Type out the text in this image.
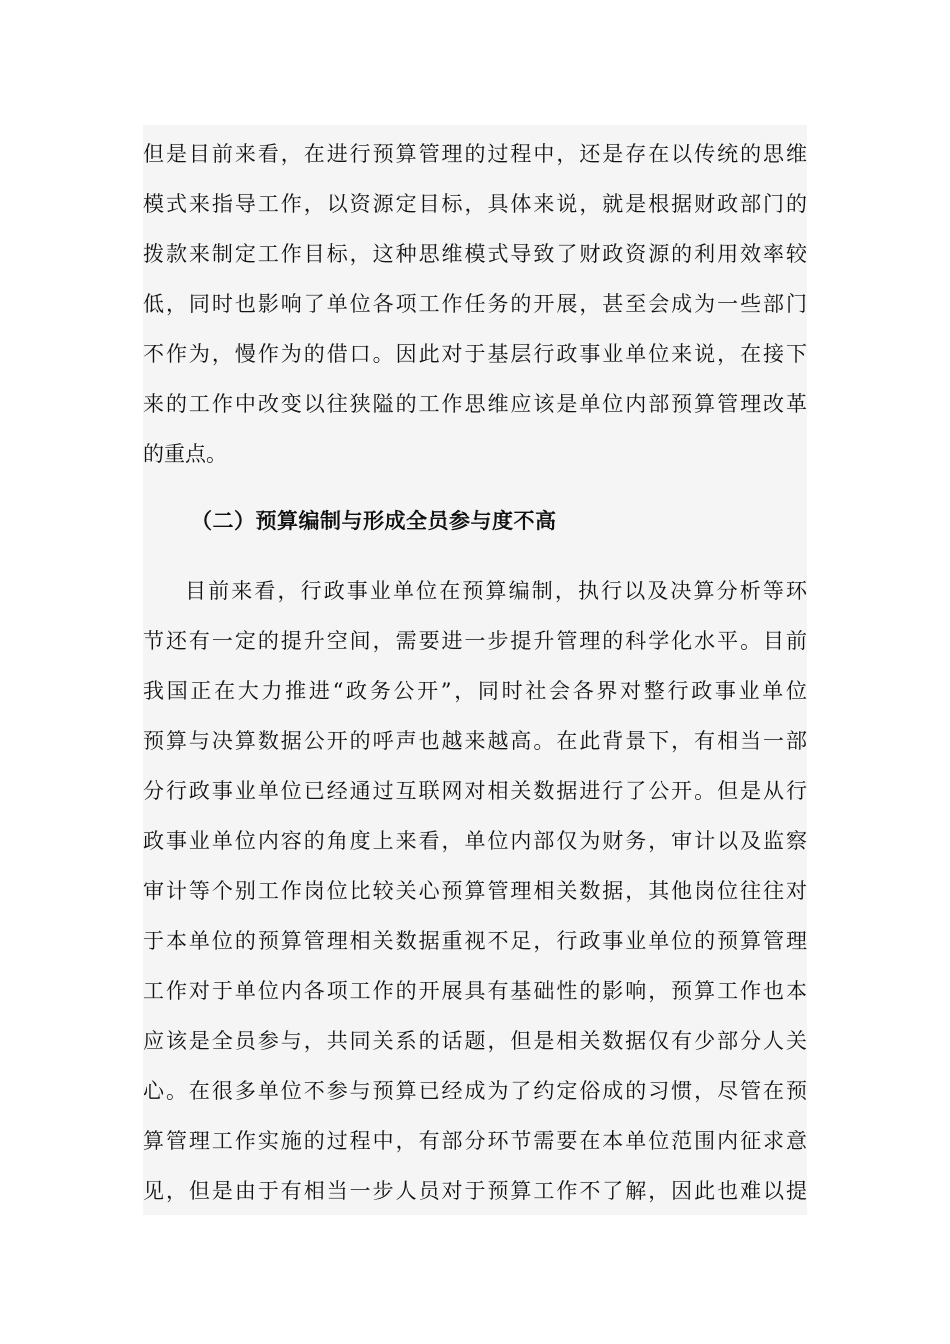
但是目前来看，在进行预算管理的过程中，还是存在以传统的思维
模式来指导工作，以资源定目标，具体来说，就是根据财政部门的
拨款来制定工作目标，这种思维模式导致了财政资源的利用效率较
低，同时也影响了单位各项工作任务的开展，甚至会成为一些部门
不作为，慢作为的借口。因此对于基层行政事业单位来说，在接下
来的工作中改变以往狭隘的工作思维应该是单位内部预算管理改革
的重点。
（二）预算编制与形成全员参与度不高
目前来看，行政事业单位在预算编制，执行以及决算分析等环
节还有一定的提升空间，需要进一步提升管理的科学化水平。目前
我国正在大力推进“政务公开”，同时社会各界对整行政事业单位
预算与决算数据公开的呼声也越来越高。在此背景下，有相当一部
分行政事业单位已经通过互联网对相关数据进行了公开。但是从行
政事业单位内容的角度上来看，单位内部仅为财务，审计以及监察
审计等个别工作岗位比较关心预算管理相关数据，其他岗位往往对
于本单位的预算管理相关数据重视不足，行政事业单位的预算管理
工作对于单位内各项工作的开展具有基础性的影响，预算工作也本
应该是全员参与，共同关系的话题，但是相关数据仅有少部分人关
心。在很多单位不参与预算已经成为了约定俗成的习惯，尽管在预
算管理工作实施的过程中，有部分环节需要在本单位范围内征求意
见，但是由于有相当一步人员对于预算工作不了解，因此也难以提
